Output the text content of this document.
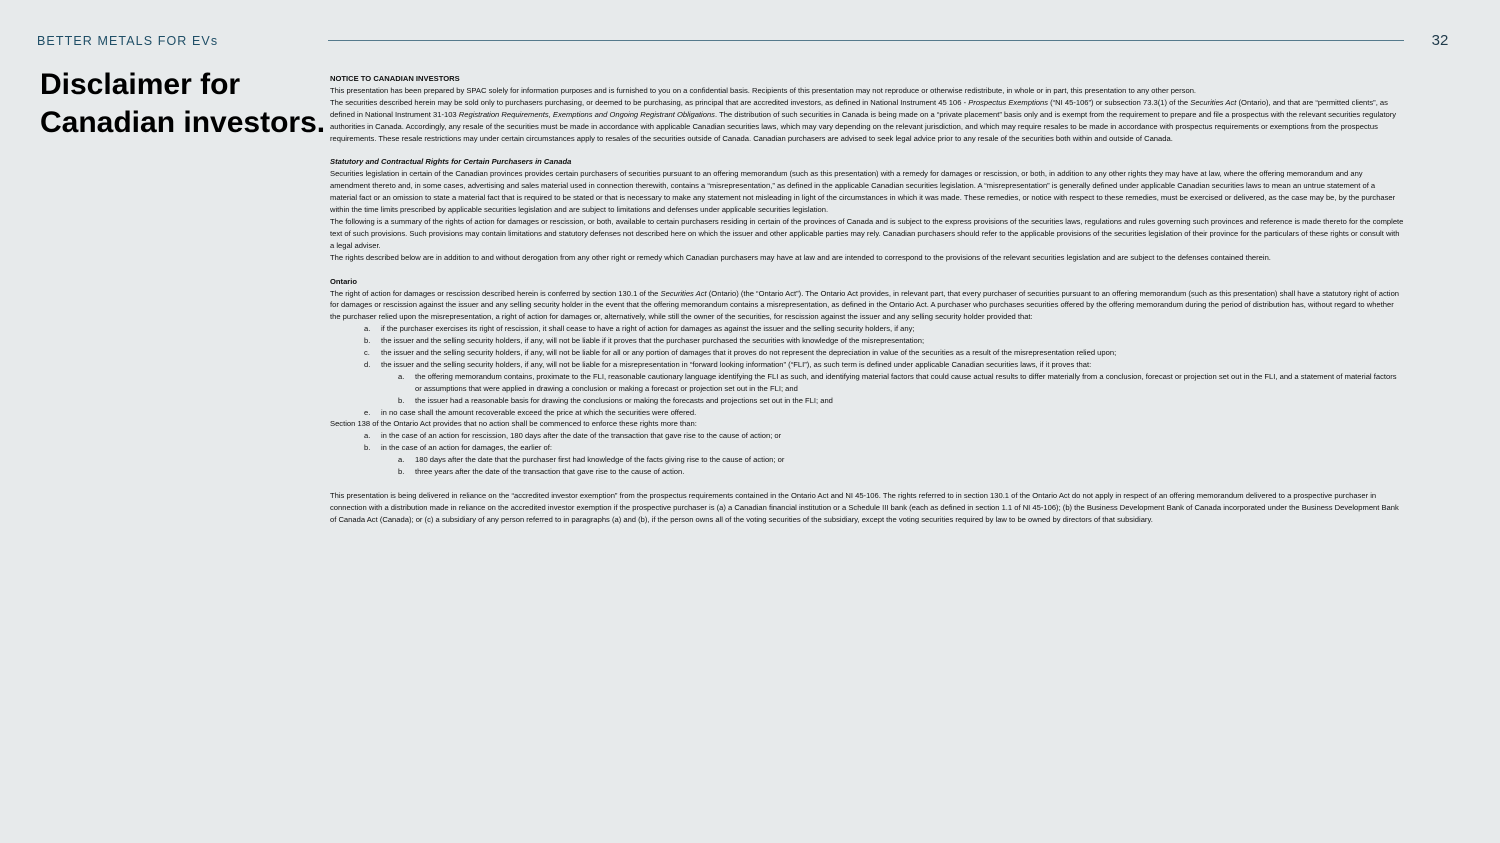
BETTER METALS FOR EVs	32
Disclaimer for
Canadian investors.

NOTICE TO CANADIAN INVESTORS

This presentation has been prepared by SPAC solely for information purposes and is furnished to you on a confidential basis. Recipients of this presentation may not reproduce or otherwise redistribute, in whole or in part, this presentation to any other person.

The securities described herein may be sold only to purchasers purchasing, or deemed to be purchasing, as principal that are accredited investors, as defined in National Instrument 45 106 - Prospectus Exemptions (“NI 45-106”) or subsection 73.3(1) of the Securities Act (Ontario), and that are “permitted clients”, as defined in National Instrument 31-103 Registration Requirements, Exemptions and Ongoing Registrant Obligations. The distribution of such securities in Canada is being made on a “private placement” basis only and is exempt from the requirement to prepare and file a prospectus with the relevant securities regulatory authorities in Canada. Accordingly, any resale of the securities must be made in accordance with applicable Canadian securities laws, which may vary depending on the relevant jurisdiction, and which may require resales to be made in accordance with prospectus requirements or exemptions from the prospectus requirements. These resale restrictions may under certain circumstances apply to resales of the securities outside of Canada. Canadian purchasers are advised to seek legal advice prior to any resale of the securities both within and outside of Canada.

Statutory and Contractual Rights for Certain Purchasers in Canada

Securities legislation in certain of the Canadian provinces provides certain purchasers of securities pursuant to an offering memorandum (such as this presentation) with a remedy for damages or rescission, or both, in addition to any other rights they may have at law, where the offering memorandum and any amendment thereto and, in some cases, advertising and sales material used in connection therewith, contains a “misrepresentation,” as defined in the applicable Canadian securities legislation. A “misrepresentation” is generally defined under applicable Canadian securities laws to mean an untrue statement of a material fact or an omission to state a material fact that is required to be stated or that is necessary to make any statement not misleading in light of the circumstances in which it was made. These remedies, or notice with respect to these remedies, must be exercised or delivered, as the case may be, by the purchaser within the time limits prescribed by applicable securities legislation and are subject to limitations and defenses under applicable securities legislation.

The following is a summary of the rights of action for damages or rescission, or both, available to certain purchasers residing in certain of the provinces of Canada and is subject to the express provisions of the securities laws, regulations and rules governing such provinces and reference is made thereto for the complete text of such provisions. Such provisions may contain limitations and statutory defenses not described here on which the issuer and other applicable parties may rely. Canadian purchasers should refer to the applicable provisions of the securities legislation of their province for the particulars of these rights or consult with a legal adviser.

The rights described below are in addition to and without derogation from any other right or remedy which Canadian purchasers may have at law and are intended to correspond to the provisions of the relevant securities legislation and are subject to the defenses contained therein.

Ontario

The right of action for damages or rescission described herein is conferred by section 130.1 of the Securities Act (Ontario) (the “Ontario Act”). The Ontario Act provides, in relevant part, that every purchaser of securities pursuant to an offering memorandum (such as this presentation) shall have a statutory right of action for damages or rescission against the issuer and any selling security holder in the event that the offering memorandum contains a misrepresentation, as defined in the Ontario Act. A purchaser who purchases securities offered by the offering memorandum during the period of distribution has, without regard to whether the purchaser relied upon the misrepresentation, a right of action for damages or, alternatively, while still the owner of the securities, for rescission against the issuer and any selling security holder provided that:

a.	if the purchaser exercises its right of rescission, it shall cease to have a right of action for damages as against the issuer and the selling security holders, if any;
b.	the issuer and the selling security holders, if any, will not be liable if it proves that the purchaser purchased the securities with knowledge of the misrepresentation;
c.	the issuer and the selling security holders, if any, will not be liable for all or any portion of damages that it proves do not represent the depreciation in value of the securities as a result of the misrepresentation relied upon;
d.	the issuer and the selling security holders, if any, will not be liable for a misrepresentation in “forward looking information” (“FLI”), as such term is defined under applicable Canadian securities laws, if it proves that:
a.	the offering memorandum contains, proximate to the FLI, reasonable cautionary language identifying the FLI as such, and identifying material factors that could cause actual results to differ materially from a conclusion, forecast or projection set out in the FLI, and a statement of material factors or assumptions that were applied in drawing a conclusion or making a forecast or projection set out in the FLI; and
b.	the issuer had a reasonable basis for drawing the conclusions or making the forecasts and projections set out in the FLI; and
e.	in no case shall the amount recoverable exceed the price at which the securities were offered.

Section 138 of the Ontario Act provides that no action shall be commenced to enforce these rights more than:

a.	in the case of an action for rescission, 180 days after the date of the transaction that gave rise to the cause of action; or
b.	in the case of an action for damages, the earlier of:
a.	180 days after the date that the purchaser first had knowledge of the facts giving rise to the cause of action; or
b.	three years after the date of the transaction that gave rise to the cause of action.

This presentation is being delivered in reliance on the “accredited investor exemption” from the prospectus requirements contained in the Ontario Act and NI 45-106. The rights referred to in section 130.1 of the Ontario Act do not apply in respect of an offering memorandum delivered to a prospective purchaser in connection with a distribution made in reliance on the accredited investor exemption if the prospective purchaser is (a) a Canadian financial institution or a Schedule III bank (each as defined in section 1.1 of NI 45-106); (b) the Business Development Bank of Canada incorporated under the Business Development Bank of Canada Act (Canada); or (c) a subsidiary of any person referred to in paragraphs (a) and (b), if the person owns all of the voting securities of the subsidiary, except the voting securities required by law to be owned by directors of that subsidiary.
